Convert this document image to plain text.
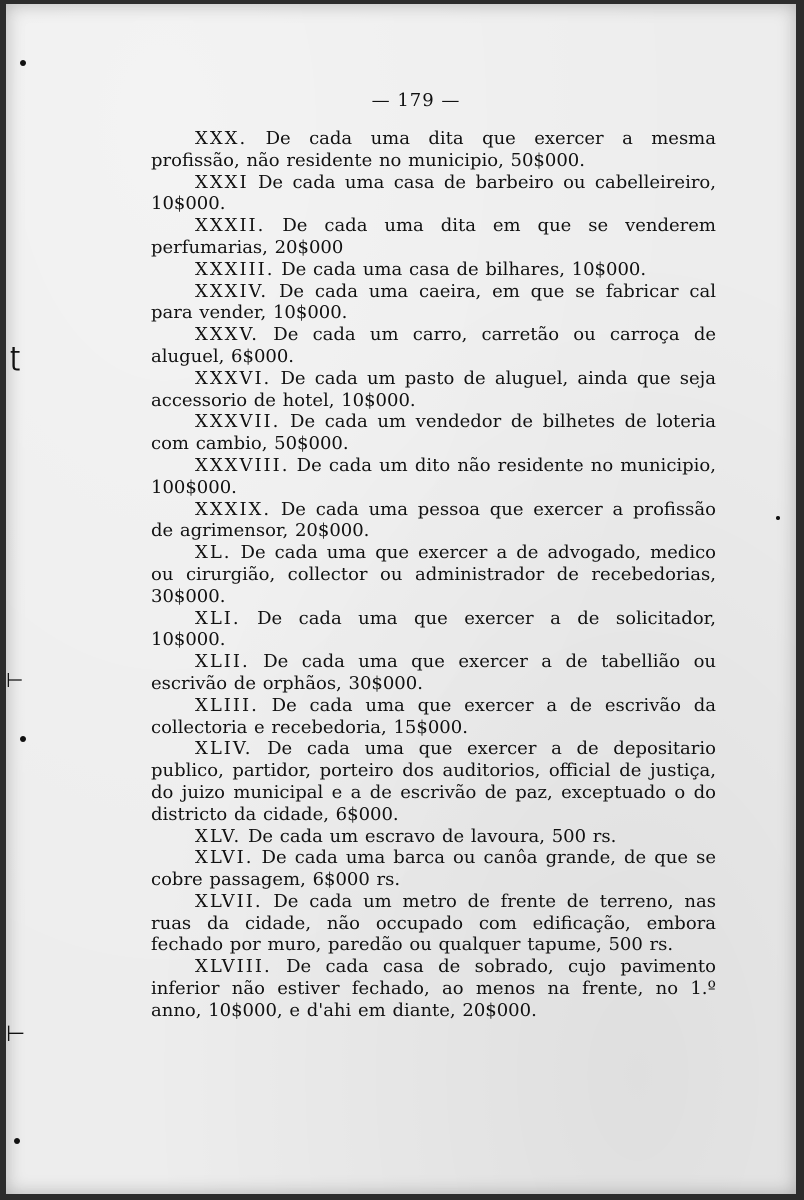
— 179 —

XXX. De cada uma dita que exercer a mesma profissão, não residente no municipio, 50$000.

XXXI De cada uma casa de barbeiro ou cabelleireiro, 10$000.

XXXII. De cada uma dita em que se venderem perfumarias, 20$000

XXXIII. De cada uma casa de bilhares, 10$000.

XXXIV. De cada uma caeira, em que se fabricar cal para vender, 10$000.

XXXV. De cada um carro, carretão ou carroça de aluguel, 6$000.

XXXVI. De cada um pasto de aluguel, ainda que seja accessorio de hotel, 10$000.

XXXVII. De cada um vendedor de bilhetes de loteria com cambio, 50$000.

XXXVIII. De cada um dito não residente no municipio, 100$000.

XXXIX. De cada uma pessoa que exercer a profissão de agrimensor, 20$000.

XL. De cada uma que exercer a de advogado, medico ou cirurgião, collector ou administrador de recebedorias, 30$000.

XLI. De cada uma que exercer a de solicitador, 10$000.

XLII. De cada uma que exercer a de tabellião ou escrivão de orphãos, 30$000.

XLIII. De cada uma que exercer a de escrivão da collectoria e recebedoria, 15$000.

XLIV. De cada uma que exercer a de depositario publico, partidor, porteiro dos auditorios, official de justiça, do juizo municipal e a de escrivão de paz, exceptuado o do districto da cidade, 6$000.

XLV. De cada um escravo de lavoura, 500 rs.

XLVI. De cada uma barca ou canôa grande, de que se cobre passagem, 6$000 rs.

XLVII. De cada um metro de frente de terreno, nas ruas da cidade, não occupado com edificação, embora fechado por muro, paredão ou qualquer tapume, 500 rs.

XLVIII. De cada casa de sobrado, cujo pavimento inferior não estiver fechado, ao menos na frente, no 1.º anno, 10$000, e d'ahi em diante, 20$000.

ʈ
⊢
⊢
